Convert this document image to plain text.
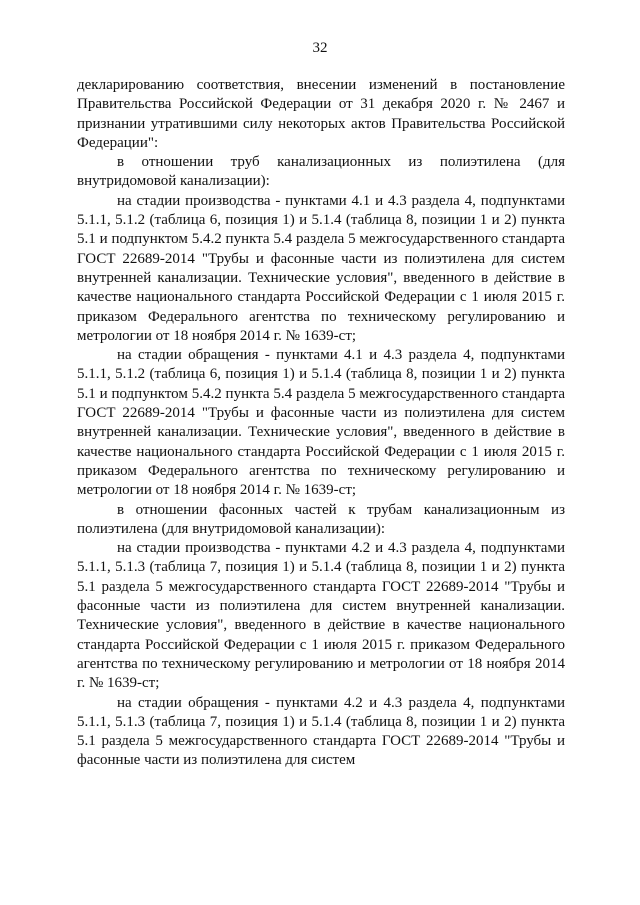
32

декларированию соответствия, внесении изменений в постановление Правительства Российской Федерации от 31 декабря 2020 г. № 2467 и признании утратившими силу некоторых актов Правительства Российской Федерации":

в отношении труб канализационных из полиэтилена (для внутридомовой канализации):

на стадии производства - пунктами 4.1 и 4.3 раздела 4, подпунктами 5.1.1, 5.1.2 (таблица 6, позиция 1) и 5.1.4 (таблица 8, позиции 1 и 2) пункта 5.1 и подпунктом 5.4.2 пункта 5.4 раздела 5 межгосударственного стандарта ГОСТ 22689-2014 "Трубы и фасонные части из полиэтилена для систем внутренней канализации. Технические условия", введенного в действие в качестве национального стандарта Российской Федерации с 1 июля 2015 г. приказом Федерального агентства по техническому регулированию и метрологии от 18 ноября 2014 г. № 1639-ст;

на стадии обращения - пунктами 4.1 и 4.3 раздела 4, подпунктами 5.1.1, 5.1.2 (таблица 6, позиция 1) и 5.1.4 (таблица 8, позиции 1 и 2) пункта 5.1 и подпунктом 5.4.2 пункта 5.4 раздела 5 межгосударственного стандарта ГОСТ 22689-2014 "Трубы и фасонные части из полиэтилена для систем внутренней канализации. Технические условия", введенного в действие в качестве национального стандарта Российской Федерации с 1 июля 2015 г. приказом Федерального агентства по техническому регулированию и метрологии от 18 ноября 2014 г. № 1639-ст;

в отношении фасонных частей к трубам канализационным из полиэтилена (для внутридомовой канализации):

на стадии производства - пунктами 4.2 и 4.3 раздела 4, подпунктами 5.1.1, 5.1.3 (таблица 7, позиция 1) и 5.1.4 (таблица 8, позиции 1 и 2) пункта 5.1 раздела 5 межгосударственного стандарта ГОСТ 22689-2014 "Трубы и фасонные части из полиэтилена для систем внутренней канализации. Технические условия", введенного в действие в качестве национального стандарта Российской Федерации с 1 июля 2015 г. приказом Федерального агентства по техническому регулированию и метрологии от 18 ноября 2014 г. № 1639-ст;

на стадии обращения - пунктами 4.2 и 4.3 раздела 4, подпунктами 5.1.1, 5.1.3 (таблица 7, позиция 1) и 5.1.4 (таблица 8, позиции 1 и 2) пункта 5.1 раздела 5 межгосударственного стандарта ГОСТ 22689-2014 "Трубы и фасонные части из полиэтилена для систем
